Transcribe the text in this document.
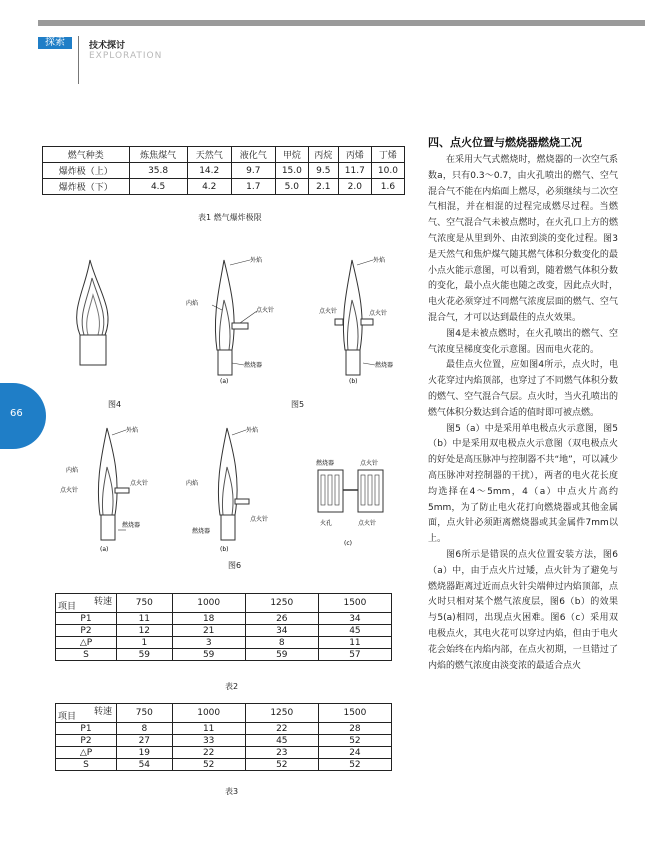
探索	技术探讨
EXPLORATION
66
燃气种类	炼焦煤气	天然气	液化气	甲烷	丙烷	丙烯	丁烯
爆炸极（上）	35.8	14.2	9.7	15.0	9.5	11.7	10.0
爆炸极（下）	4.5	4.2	1.7	5.0	2.1	2.0	1.6
表1 燃气爆炸极限
图4
外焰
内焰
点火针
燃烧器
(a)
外焰
点火针	点火针
燃烧器
(b)
图5
外焰
内焰
点火针
点火针
燃烧器
(a)
外焰
内焰
燃烧器
点火针
(b)
燃烧器	点火针
火孔	点火针
(c)
图6
转速
项目	750	1000	1250	1500
P1	11	18	26	34
P2	12	21	34	45
△P	1	3	8	11
S	59	59	59	57
表2
转速
项目	750	1000	1250	1500
P1	8	11	22	28
P2	27	33	45	52
△P	19	22	23	24
S	54	52	52	52
表3
四、点火位置与燃烧器燃烧工况

在采用大气式燃烧时，燃烧器的一次空气系数a，只有0.3～0.7，由火孔喷出的燃气、空气混合气不能在内焰面上燃尽，必须继续与二次空气相混，并在相混的过程完成燃尽过程。当燃气、空气混合气未被点燃时，在火孔口上方的燃气浓度是从里到外、由浓到淡的变化过程。图3是天然气和焦炉煤气随其燃气体积分数变化的最小点火能示意图，可以看到，随着燃气体积分数的变化，最小点火能也随之改变，因此点火时，电火花必须穿过不同燃气浓度层面的燃气、空气混合气，才可以达到最佳的点火效果。

图4是未被点燃时，在火孔喷出的燃气、空气浓度呈梯度变化示意图。因而电火花的。

最佳点火位置，应如图4所示，点火时，电火花穿过内焰顶部，也穿过了不同燃气体积分数的燃气、空气混合气层。点火时，当火孔喷出的燃气体积分数达到合适的值时即可被点燃。

图5（a）中是采用单电极点火示意图，图5（b）中是采用双电极点火示意图（双电极点火的好处是高压脉冲与控制器不共“地”，可以减少高压脉冲对控制器的干扰），两者的电火花长度均选择在4～5mm，4（a）中点火片高约5mm，为了防止电火花打向燃烧器或其他金属面，点火针必须距离燃烧器或其金属件7mm以上。

图6所示是错误的点火位置安装方法，图6（a）中，由于点火片过矮，点火针为了避免与燃烧器距离过近而点火针尖端伸过内焰顶部，点火时只相对某个燃气浓度层，图6（b）的效果与5(a)相同，出现点火困难。图6（c）采用双电极点火，其电火花可以穿过内焰，但由于电火花会始终在内焰内部，在点火初期，一旦错过了内焰的燃气浓度由淡变浓的最适合点火
